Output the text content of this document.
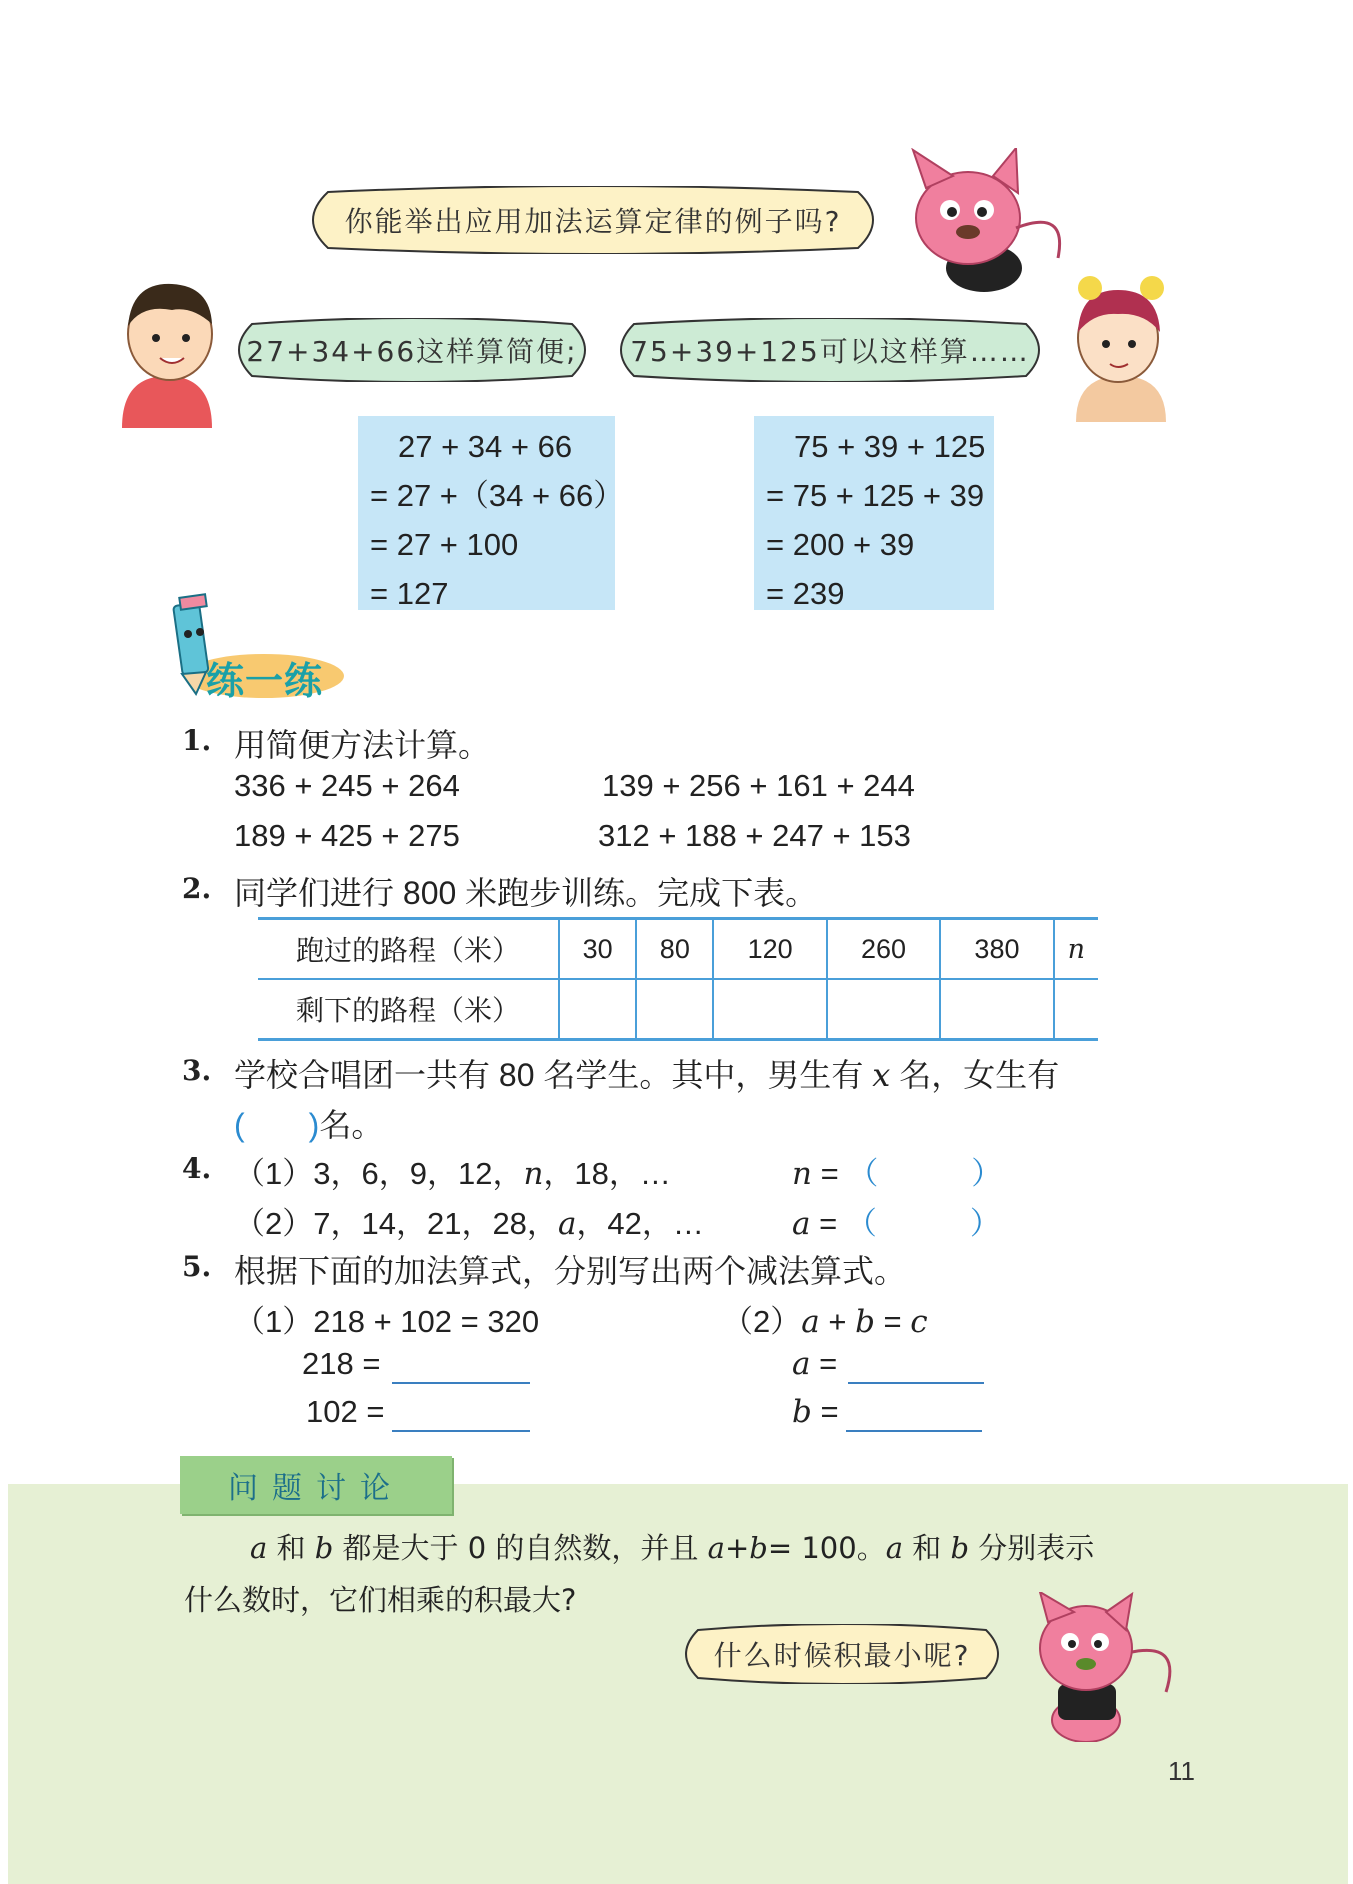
你能举出应用加法运算定律的例子吗?
27+34+66这样算简便;	75+39+125可以这样算……
27 + 34 + 66
= 27 +（34 + 66）
= 27 + 100
= 127
75 + 39 + 125
= 75 + 125 + 39
= 200 + 39
= 239
练一练
1. 用简便方法计算。
336 + 245 + 264	139 + 256 + 161 + 244
189 + 425 + 275	312 + 188 + 247 + 153
2. 同学们进行 800 米跑步训练。完成下表。
跑过的路程（米）	30	80	120	260	380	n
剩下的路程（米）						
3. 学校合唱团一共有 80 名学生。其中，男生有 x 名，女生有
(　　)名。
4. （1）3，6，9，12，n，18，…	n = （　　　）
（2）7，14，21，28，a，42，…	a = （　　　）
5. 根据下面的加法算式，分别写出两个减法算式。
（1）218 + 102 = 320	（2）a + b = c
218 =
102 =
a =
b =
问题讨论
a 和 b 都是大于 0 的自然数，并且 a+b= 100。a 和 b 分别表示
什么数时，它们相乘的积最大?
什么时候积最小呢?
11
